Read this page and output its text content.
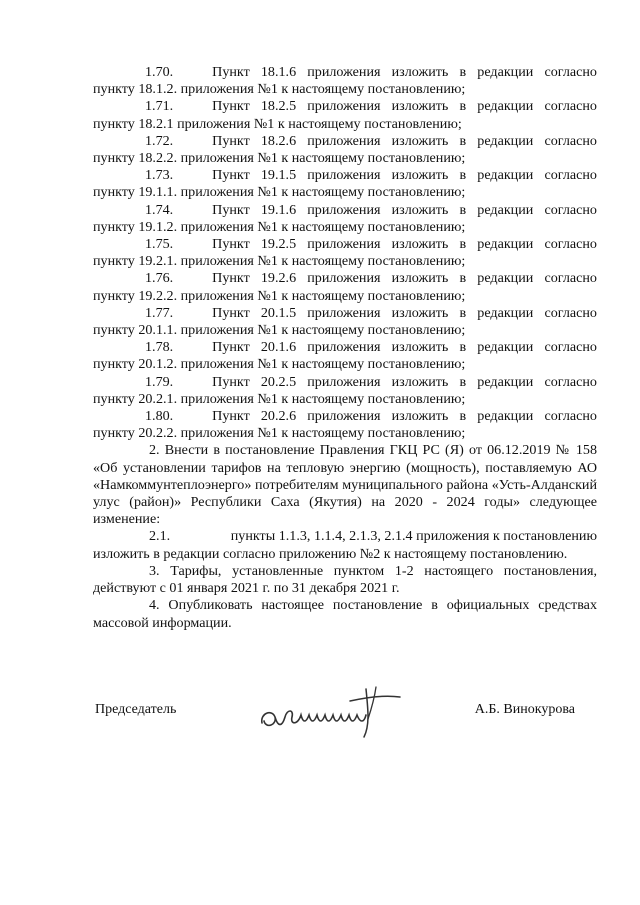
1.70.	Пункт 18.1.6 приложения изложить в редакции согласно
пункту 18.1.2. приложения №1 к настоящему постановлению;
1.71.	Пункт 18.2.5 приложения изложить в редакции согласно
пункту 18.2.1 приложения №1 к настоящему постановлению;
1.72.	Пункт 18.2.6 приложения изложить в редакции согласно
пункту 18.2.2. приложения №1 к настоящему постановлению;
1.73.	Пункт 19.1.5 приложения изложить в редакции согласно
пункту 19.1.1. приложения №1 к настоящему постановлению;
1.74.	Пункт 19.1.6 приложения изложить в редакции согласно
пункту 19.1.2. приложения №1 к настоящему постановлению;
1.75.	Пункт 19.2.5 приложения изложить в редакции согласно
пункту 19.2.1. приложения №1 к настоящему постановлению;
1.76.	Пункт 19.2.6 приложения изложить в редакции согласно
пункту 19.2.2. приложения №1 к настоящему постановлению;
1.77.	Пункт 20.1.5 приложения изложить в редакции согласно
пункту 20.1.1. приложения №1 к настоящему постановлению;
1.78.	Пункт 20.1.6 приложения изложить в редакции согласно
пункту 20.1.2. приложения №1 к настоящему постановлению;
1.79.	Пункт 20.2.5 приложения изложить в редакции согласно
пункту 20.2.1. приложения №1 к настоящему постановлению;
1.80.	Пункт 20.2.6 приложения изложить в редакции согласно
пункту 20.2.2. приложения №1 к настоящему постановлению;

2. Внести в постановление Правления ГКЦ РС (Я) от 06.12.2019 № 158 «Об установлении тарифов на тепловую энергию (мощность), поставляемую АО «Намкоммунтеплоэнерго» потребителям муниципального района «Усть-Алданский улус (район)» Республики Саха (Якутия) на 2020 - 2024 годы» следующее изменение:

2.1.	пункты 1.1.3, 1.1.4, 2.1.3, 2.1.4 приложения к постановлению
изложить в редакции согласно приложению №2 к настоящему постановлению.

3. Тарифы, установленные пунктом 1-2 настоящего постановления, действуют с 01 января 2021 г. по 31 декабря 2021 г.

4. Опубликовать настоящее постановление в официальных средствах массовой информации.

Председатель	А.Б. Винокурова
